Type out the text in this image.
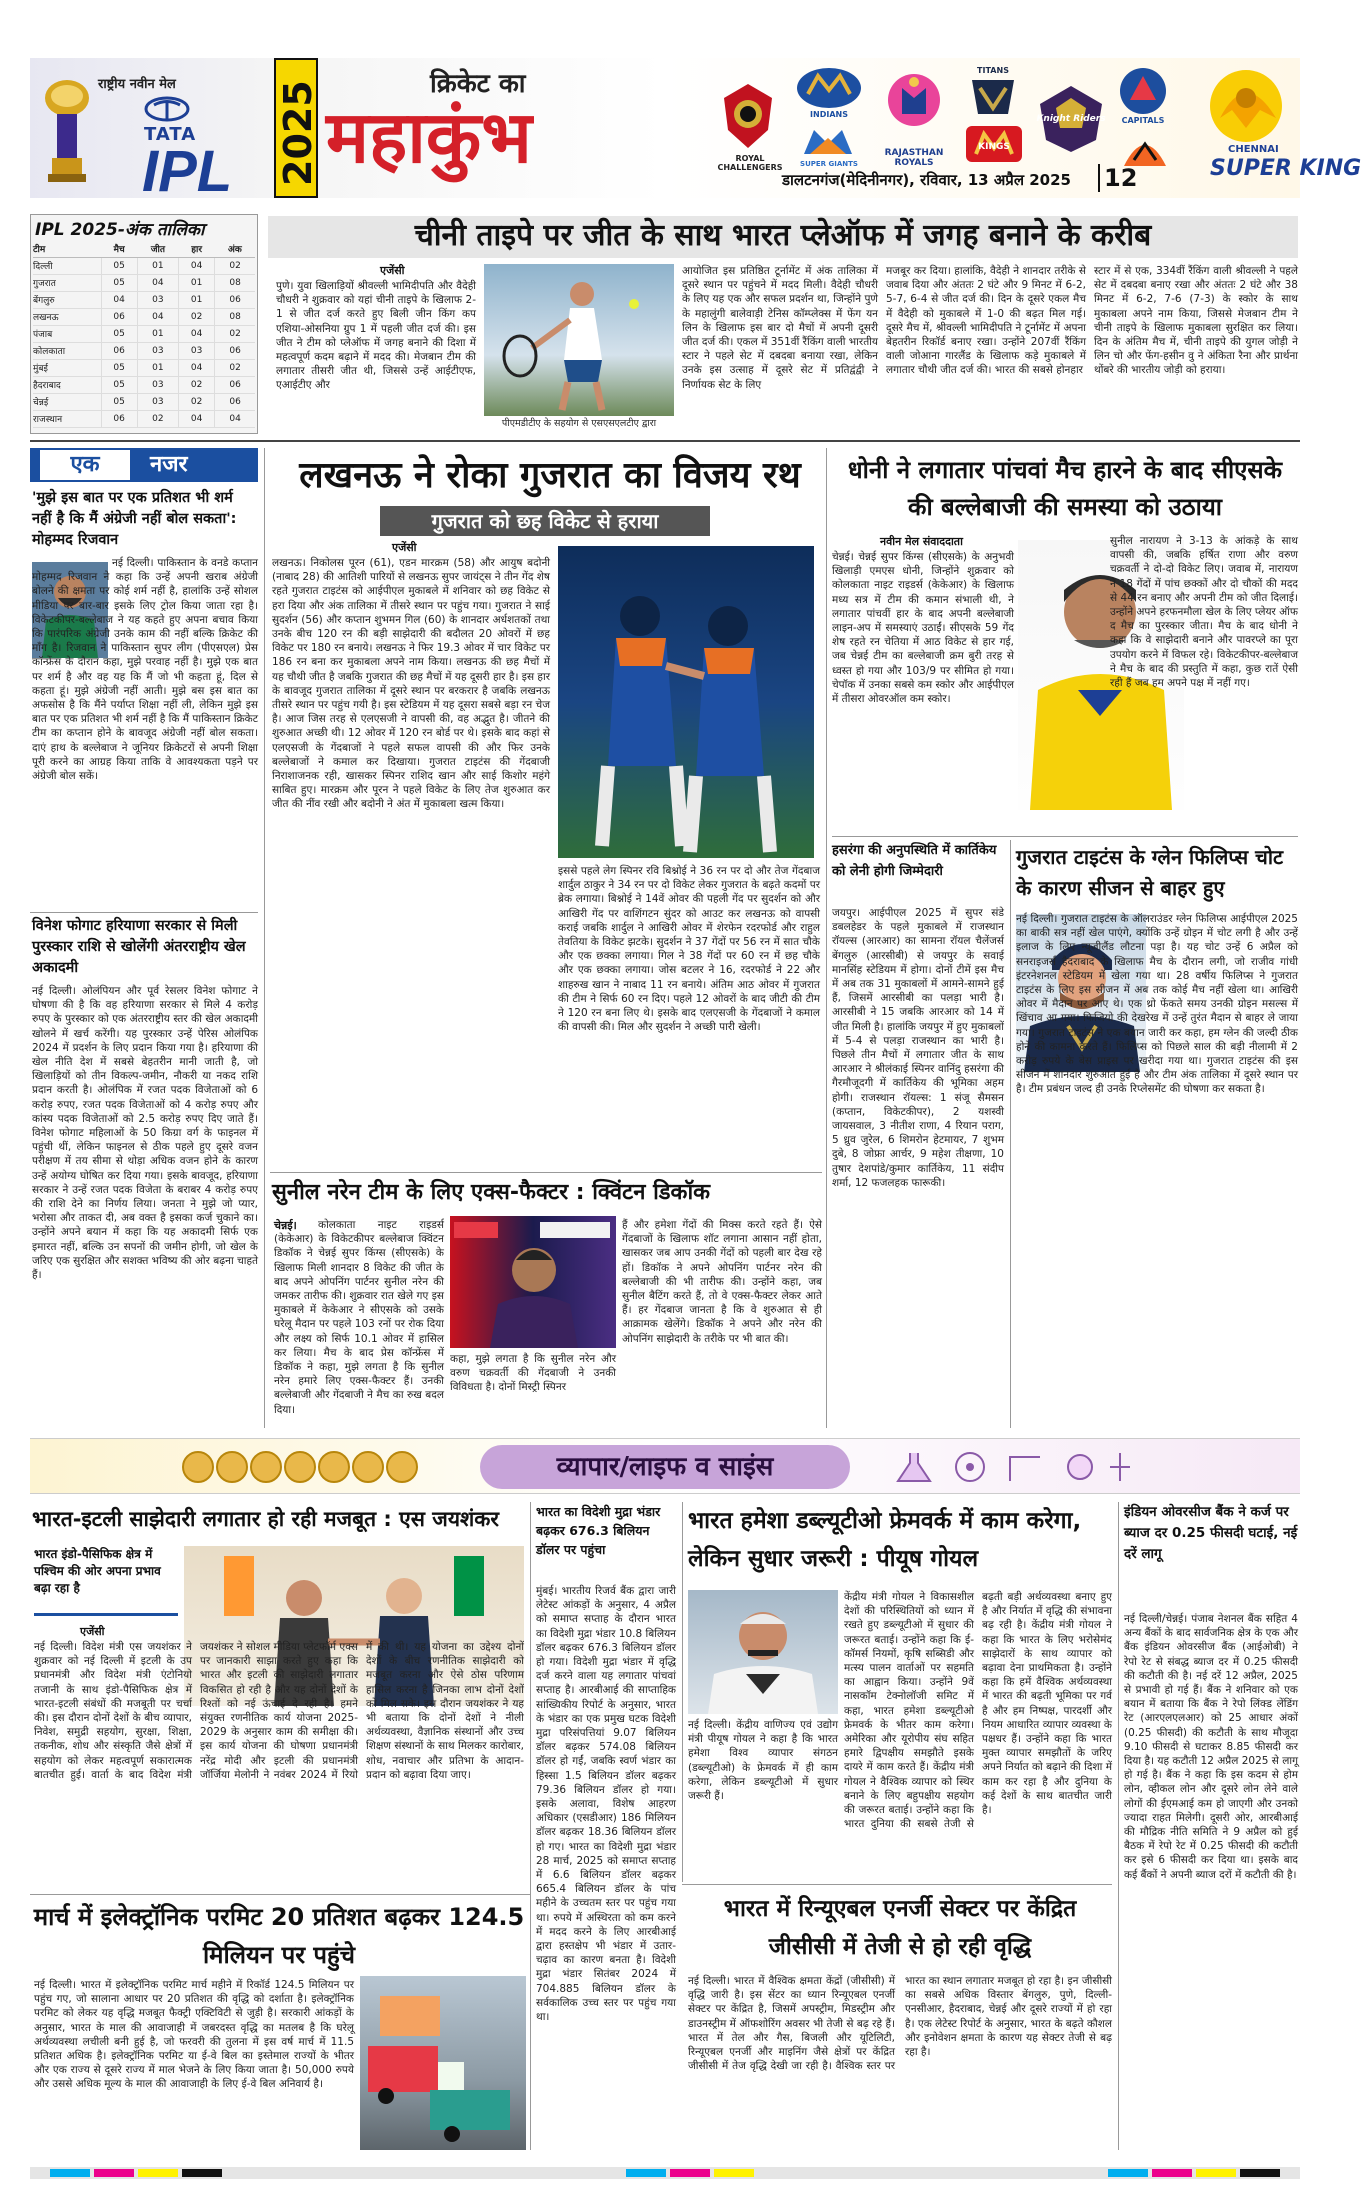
राष्ट्रीय नवीन मेल
TATA
IPL 2025	क्रिकेट का
महाकुंभ	ROYAL CHALLENGERS
INDIANS
SUPER GIANTS
RAJASTHAN ROYALS
TITANS
KINGS
Knight Riders	CAPITALS
डालटनगंज(मेदिनीनगर), रविवार, 13 अप्रैल 2025 12
CHENNAI
SUPER KING
IPL 2025-अंक तालिका
टीम	मैच	जीत	हार	अंक
दिल्ली	05	01	04	02
गुजरात	05	04	01	08
बेंगलुरु	04	03	01	06
लखनऊ	06	04	02	08
पंजाब	05	01	04	02
कोलकाता	06	03	03	06
मुंबई	05	01	04	02
हैदराबाद	05	03	02	06
चेन्नई	05	03	02	06
राजस्थान	06	02	04	04
चीनी ताइपे पर जीत के साथ भारत प्लेऑफ में जगह बनाने के करीब
एजेंसी
पुणे। युवा खिलाड़ियों श्रीवल्ली भामिदीपति और वैदेही चौधरी ने शुक्रवार को यहां चीनी ताइपे के खिलाफ 2-1 से जीत दर्ज करते हुए बिली जीन किंग कप एशिया-ओसनिया ग्रुप 1 में पहली जीत दर्ज की। इस जीत ने टीम को प्लेऑफ में जगह बनाने की दिशा में महत्वपूर्ण कदम बढ़ाने में मदद की। मेजबान टीम की लगातार तीसरी जीत थी, जिससे उन्हें आईटीएफ, एआईटीए और
पीएमडीटीए के सहयोग से एसएसएलटीए द्वारा
आयोजित इस प्रतिष्ठित टूर्नामेंट में अंक तालिका में दूसरे स्थान पर पहुंचने में मदद मिली। वैदेही चौधरी के लिए यह एक और सफल प्रदर्शन था, जिन्होंने पुणे के महालुंगी बालेवाड़ी टेनिस कॉम्प्लेक्स में फेंग यन लिन के खिलाफ इस बार दो मैचों में अपनी दूसरी जीत दर्ज की। एकल में 351वीं रैंकिंग वाली भारतीय स्टार ने पहले सेट में दबदबा बनाया रखा, लेकिन उनके इस उत्साह में दूसरे सेट में प्रतिद्वंद्वी ने निर्णायक सेट के लिए
मजबूर कर दिया। हालांकि, वैदेही ने शानदार तरीके से जवाब दिया और अंततः 2 घंटे और 9 मिनट में 6-2, 5-7, 6-4 से जीत दर्ज की। दिन के दूसरे एकल मैच में वैदेही को मुकाबले में 1-0 की बढ़त मिल गई। दूसरे मैच में, श्रीवल्ली भामिदीपति ने टूर्नामेंट में अपना बेहतरीन रिकॉर्ड बनाए रखा। उन्होंने 207वीं रैंकिंग वाली जोआना गारलैंड के खिलाफ कड़े मुकाबले में लगातार चौथी जीत दर्ज की। भारत की सबसे होनहार
स्टार में से एक, 334वीं रैंकिंग वाली श्रीवल्ली ने पहले सेट में दबदबा बनाए रखा और अंततः 2 घंटे और 38 मिनट में 6-2, 7-6 (7-3) के स्कोर के साथ मुकाबला अपने नाम किया, जिससे मेजबान टीम ने चीनी ताइपे के खिलाफ मुकाबला सुरक्षित कर लिया। दिन के अंतिम मैच में, चीनी ताइपे की युगल जोड़ी ने लिन चो और फेंग-हसीन वु ने अंकिता रैना और प्रार्थना थोंबरे की भारतीय जोड़ी को हराया।
एक	नजर
'मुझे इस बात पर एक प्रतिशत भी शर्म नहीं है कि मैं अंग्रेजी नहीं बोल सकता': मोहम्मद रिजवान
नई दिल्ली। पाकिस्तान के वनडे कप्तान मोहम्मद रिजवान ने कहा कि उन्हें अपनी खराब अंग्रेजी बोलने की क्षमता पर कोई शर्म नहीं है, हालांकि उन्हें सोशल मीडिया पर बार-बार इसके लिए ट्रोल किया जाता रहा है। विकेटकीपर-बल्लेबाज ने यह कहते हुए अपना बचाव किया कि पारंपरिक अंग्रेजी उनके काम की नहीं बल्कि क्रिकेट की माँग है। रिजवान ने पाकिस्तान सुपर लीग (पीएसएल) प्रेस कॉन्फ्रेंस के दौरान कहा, मुझे परवाह नहीं है। मुझे एक बात पर शर्म है और वह यह कि मैं जो भी कहता हूं, दिल से कहता हूं। मुझे अंग्रेजी नहीं आती। मुझे बस इस बात का अफसोस है कि मैंने पर्याप्त शिक्षा नहीं ली, लेकिन मुझे इस बात पर एक प्रतिशत भी शर्म नहीं है कि मैं पाकिस्तान क्रिकेट टीम का कप्तान होने के बावजूद अंग्रेजी नहीं बोल सकता। दाएं हाथ के बल्लेबाज ने जूनियर क्रिकेटरों से अपनी शिक्षा पूरी करने का आग्रह किया ताकि वे आवश्यकता पड़ने पर अंग्रेजी बोल सकें।
विनेश फोगाट हरियाणा सरकार से मिली पुरस्कार राशि से खोलेंगी अंतरराष्ट्रीय खेल अकादमी
नई दिल्ली। ओलंपियन और पूर्व रेसलर विनेश फोगाट ने घोषणा की है कि वह हरियाणा सरकार से मिले 4 करोड़ रुपए के पुरस्कार को एक अंतरराष्ट्रीय स्तर की खेल अकादमी खोलने में खर्च करेंगी। यह पुरस्कार उन्हें पेरिस ओलंपिक 2024 में प्रदर्शन के लिए प्रदान किया गया है। हरियाणा की खेल नीति देश में सबसे बेहतरीन मानी जाती है, जो खिलाड़ियों को तीन विकल्प-जमीन, नौकरी या नकद राशि प्रदान करती है। ओलंपिक में रजत पदक विजेताओं को 6 करोड़ रुपए, रजत पदक विजेताओं को 4 करोड़ रुपए और कांस्य पदक विजेताओं को 2.5 करोड़ रुपए दिए जाते हैं। विनेश फोगाट महिलाओं के 50 किग्रा वर्ग के फाइनल में पहुंची थीं, लेकिन फाइनल से ठीक पहले हुए दूसरे वजन परीक्षण में तय सीमा से थोड़ा अधिक वजन होने के कारण उन्हें अयोग्य घोषित कर दिया गया। इसके बावजूद, हरियाणा सरकार ने उन्हें रजत पदक विजेता के बराबर 4 करोड़ रुपए की राशि देने का निर्णय लिया। जनता ने मुझे जो प्यार, भरोसा और ताकत दी, अब वक्त है इसका कर्ज चुकाने का। उन्होंने अपने बयान में कहा कि यह अकादमी सिर्फ एक इमारत नहीं, बल्कि उन सपनों की जमीन होगी, जो खेल के जरिए एक सुरक्षित और सशक्त भविष्य की ओर बढ़ना चाहते हैं।
लखनऊ ने रोका गुजरात का विजय रथ
गुजरात को छह विकेट से हराया
एजेंसी
लखनऊ। निकोलस पूरन (61), एडन मारक्रम (58) और आयुष बदोनी (नाबाद 28) की आतिशी पारियों से लखनऊ सुपर जायंट्स ने तीन गेंद शेष रहते गुजरात टाइटंस को आईपीएल मुकाबले में शनिवार को छह विकेट से हरा दिया और अंक तालिका में तीसरे स्थान पर पहुंच गया। गुजरात ने साई सुदर्शन (56) और कप्तान शुभमन गिल (60) के शानदार अर्धशतकों तथा उनके बीच 120 रन की बड़ी साझेदारी की बदौलत 20 ओवरों में छह विकेट पर 180 रन बनाये। लखनऊ ने फिर 19.3 ओवर में चार विकेट पर 186 रन बना कर मुकाबला अपने नाम किया। लखनऊ की छह मैचों में यह चौथी जीत है जबकि गुजरात की छह मैचों में यह दूसरी हार है। इस हार के बावजूद गुजरात तालिका में दूसरे स्थान पर बरकरार है जबकि लखनऊ तीसरे स्थान पर पहुंच गयी है। इस स्टेडियम में यह दूसरा सबसे बड़ा रन चेज है। आज जिस तरह से एलएसजी ने वापसी की, वह अद्भुत है। जीतने की शुरुआत अच्छी थी। 12 ओवर में 120 रन बोर्ड पर थे। इसके बाद कहां से एलएसजी के गेंदबाजों ने पहले सफल वापसी की और फिर उनके बल्लेबाजों ने कमाल कर दिखाया। गुजरात टाइटंस की गेंदबाजी निराशाजनक रही, खासकर स्पिनर राशिद खान और साई किशोर महंगे साबित हुए। मारक्रम और पूरन ने पहले विकेट के लिए तेज शुरुआत कर जीत की नींव रखी और बदोनी ने अंत में मुकाबला खत्म किया।
इससे पहले लेग स्पिनर रवि बिश्नोई ने 36 रन पर दो और तेज गेंदबाज शार्दुल ठाकुर ने 34 रन पर दो विकेट लेकर गुजरात के बढ़ते कदमों पर ब्रेक लगाया। बिश्नोई ने 14वें ओवर की पहली गेंद पर सुदर्शन को और आखिरी गेंद पर वाशिंगटन सुंदर को आउट कर लखनऊ को वापसी कराई जबकि शार्दुल ने आखिरी ओवर में शेरफेन रदरफोर्ड और राहुल तेवतिया के विकेट झटके। सुदर्शन ने 37 गेंदों पर 56 रन में सात चौके और एक छक्का लगाया। गिल ने 38 गेंदों पर 60 रन में छह चौके और एक छक्का लगाया। जोस बटलर ने 16, रदरफोर्ड ने 22 और शाहरुख खान ने नाबाद 11 रन बनाये। अंतिम आठ ओवर में गुजरात की टीम ने सिर्फ 60 रन दिए। पहले 12 ओवरों के बाद जीटी की टीम ने 120 रन बना लिए थे। इसके बाद एलएसजी के गेंदबाजों ने कमाल की वापसी की। मिल और सुदर्शन ने अच्छी पारी खेली।
सुनील नरेन टीम के लिए एक्स-फैक्टर : क्विंटन डिकॉक
चेन्नई।	कोलकाता नाइट राइडर्स (केकेआर) के विकेटकीपर बल्लेबाज क्विंटन डिकॉक ने चेन्नई सुपर किंग्स (सीएसके) के खिलाफ मिली शानदार 8 विकेट की जीत के बाद अपने ओपनिंग पार्टनर सुनील नरेन की जमकर तारीफ की। शुक्रवार रात खेले गए इस मुकाबले में केकेआर ने सीएसके को उसके घरेलू मैदान पर पहले 103 रनों पर रोक दिया और लक्ष्य को सिर्फ 10.1 ओवर में हासिल कर लिया। मैच के बाद प्रेस कॉन्फ्रेंस में डिकॉक ने कहा, मुझे लगता है कि सुनील नरेन हमारे लिए एक्स-फैक्टर हैं। उनकी बल्लेबाजी और गेंदबाजी ने मैच का रुख बदल दिया।
कहा, मुझे लगता है कि सुनील नरेन और वरुण चक्रवर्ती की गेंदबाजी ने उनकी विविधता है। दोनों मिस्ट्री स्पिनर
हैं और हमेशा गेंदों की मिक्स करते रहते हैं। ऐसे गेंदबाजों के खिलाफ शॉट लगाना आसान नहीं होता, खासकर जब आप उनकी गेंदों को पहली बार देख रहे हों। डिकॉक ने अपने ओपनिंग पार्टनर नरेन की बल्लेबाजी की भी तारीफ की। उन्होंने कहा, जब सुनील बैटिंग करते हैं, तो वे एक्स-फैक्टर लेकर आते हैं। हर गेंदबाज जानता है कि वे शुरुआत से ही आक्रामक खेलेंगे। डिकॉक ने अपने और नरेन की ओपनिंग साझेदारी के तरीके पर भी बात की।
धोनी ने लगातार पांचवां मैच हारने के बाद सीएसके की बल्लेबाजी की समस्या को उठाया
नवीन मेल संवाददाता
चेन्नई। चेन्नई सुपर किंग्स (सीएसके) के अनुभवी खिलाड़ी एमएस धोनी, जिन्होंने शुक्रवार को कोलकाता नाइट राइडर्स (केकेआर) के खिलाफ मध्य सत्र में टीम की कमान संभाली थी, ने लगातार पांचवीं हार के बाद अपनी बल्लेबाजी लाइन-अप में समस्याएं उठाईं। सीएसके 59 गेंद शेष रहते रन चेतिया में आठ विकेट से हार गई, जब चेन्नई टीम का बल्लेबाजी क्रम बुरी तरह से ध्वस्त हो गया और 103/9 पर सीमित हो गया। चेपॉक में उनका सबसे कम स्कोर और आईपीएल में तीसरा ओवरऑल कम स्कोर।
सुनील नारायण ने 3-13 के आंकड़े के साथ वापसी की, जबकि हर्षित राणा और वरुण चक्रवर्ती ने दो-दो विकेट लिए। जवाब में, नारायण ने 18 गेंदों में पांच छक्कों और दो चौकों की मदद से 44 रन बनाए और अपनी टीम को जीत दिलाई। उन्होंने अपने हरफनमौला खेल के लिए प्लेयर ऑफ द मैच का पुरस्कार जीता। मैच के बाद धोनी ने कहा कि वे साझेदारी बनाने और पावरप्ले का पूरा उपयोग करने में विफल रहे। विकेटकीपर-बल्लेबाज ने मैच के बाद की प्रस्तुति में कहा, कुछ रातें ऐसी रही हैं जब हम अपने पक्ष में नहीं गए।
हसरंगा की अनुपस्थिति में कार्तिकेय को लेनी होगी जिम्मेदारी
जयपुर। आईपीएल 2025 में सुपर संडे डबलहेडर के पहले मुकाबले में राजस्थान रॉयल्स (आरआर) का सामना रॉयल चैलेंजर्स बेंगलुरु (आरसीबी) से जयपुर के सवाई मानसिंह स्टेडियम में होगा। दोनों टीमें इस मैच में अब तक 31 मुकाबलों में आमने-सामने हुई हैं, जिसमें आरसीबी का पलड़ा भारी है। आरसीबी ने 15 जबकि आरआर को 14 में जीत मिली है। हालांकि जयपुर में हुए मुकाबलों में 5-4 से पलड़ा राजस्थान का भारी है। पिछले तीन मैचों में लगातार जीत के साथ आरआर ने श्रीलंकाई स्पिनर वानिंदु हसरंगा की गैरमौजूदगी में कार्तिकेय की भूमिका अहम होगी। राजस्थान रॉयल्स: 1 संजू सैमसन (कप्तान, विकेटकीपर), 2 यशस्वी जायसवाल, 3 नीतीश राणा, 4 रियान पराग, 5 ध्रुव जुरेल, 6 शिमरोन हेटमायर, 7 शुभम दुबे, 8 जोफ्रा आर्चर, 9 महेश तीक्षणा, 10 तुषार देशपांडे/कुमार कार्तिकेय, 11 संदीप शर्मा, 12 फजलहक फारूकी।
गुजरात टाइटंस के ग्लेन फिलिप्स चोट के कारण सीजन से बाहर हुए
नई दिल्ली। गुजरात टाइटंस के ऑलराउंडर ग्लेन फिलिप्स आईपीएल 2025 का बाकी सत्र नहीं खेल पाएंगे, क्योंकि उन्हें ग्रोइन में चोट लगी है और उन्हें इलाज के लिए न्यूजीलैंड लौटना पड़ा है। यह चोट उन्हें 6 अप्रैल को सनराइजर्स हैदराबाद के खिलाफ मैच के दौरान लगी, जो राजीव गांधी इंटरनेशनल स्टेडियम में खेला गया था। 28 वर्षीय फिलिप्स ने गुजरात टाइटंस के लिए इस सीजन में अब तक कोई मैच नहीं खेला था। आखिरी ओवर में मैदान पर आए थे। एक थ्रो फेंकते समय उनकी ग्रोइन मसल्स में खिंचाव आ गया। फिजियो की देखरेख में उन्हें तुरंत मैदान से बाहर ले जाया गया। गुजरात टाइटंस ने एक बयान जारी कर कहा, हम ग्लेन की जल्दी ठीक होने की कामना करते हैं। फिलिप्स को पिछले साल की बड़ी नीलामी में 2 करोड़ रुपये के बेस प्राइस पर खरीदा गया था। गुजरात टाइटंस की इस सीजन में शानदार शुरुआत हुई है और टीम अंक तालिका में दूसरे स्थान पर है। टीम प्रबंधन जल्द ही उनके रिप्लेसमेंट की घोषणा कर सकता है।
व्यापार/लाइफ व साइंस
भारत-इटली साझेदारी लगातार हो रही मजबूत : एस जयशंकर
भारत इंडो-पैसिफिक क्षेत्र में पश्चिम की ओर अपना प्रभाव बढ़ा रहा है
एजेंसी
नई दिल्ली। विदेश मंत्री एस जयशंकर ने शुक्रवार को नई दिल्ली में इटली के उप प्रधानमंत्री और विदेश मंत्री एंटोनियो तजानी के साथ इंडो-पैसिफिक क्षेत्र में भारत-इटली संबंधों की मजबूती पर चर्चा की। इस दौरान दोनों देशों के बीच व्यापार, निवेश, समुद्री सहयोग, सुरक्षा, शिक्षा, तकनीक, शोध और संस्कृति जैसे क्षेत्रों में सहयोग को लेकर महत्वपूर्ण सकारात्मक बातचीत हुई। वार्ता के बाद विदेश मंत्री जयशंकर ने सोशल मीडिया प्लेटफॉर्म एक्स पर जानकारी साझा करते हुए कहा कि भारत और इटली की साझेदारी लगातार विकसित हो रही है और यह दोनों देशों के रिश्तों को नई ऊंचाई दे रही है। हमने संयुक्त रणनीतिक कार्य योजना 2025-2029 के अनुसार काम की समीक्षा की। इस कार्य योजना की घोषणा प्रधानमंत्री नरेंद्र मोदी और इटली की प्रधानमंत्री जॉर्जिया मेलोनी ने नवंबर 2024 में रियो में की थी। यह योजना का उद्देश्य दोनों देशों के बीच रणनीतिक साझेदारी को मजबूत करना और ऐसे ठोस परिणाम हासिल करना है जिनका लाभ दोनों देशों को मिल सके। इस दौरान जयशंकर ने यह भी बताया कि दोनों देशों ने नीली अर्थव्यवस्था, वैज्ञानिक संस्थानों और उच्च शिक्षण संस्थानों के साथ मिलकर कारोबार, शोध, नवाचार और प्रतिभा के आदान-प्रदान को बढ़ावा दिया जाए।
मार्च में इलेक्ट्रॉनिक परमिट 20 प्रतिशत बढ़कर 124.5 मिलियन पर पहुंचे
नई दिल्ली। भारत में इलेक्ट्रॉनिक परमिट मार्च महीने में रिकॉर्ड 124.5 मिलियन पर पहुंच गए, जो सालाना आधार पर 20 प्रतिशत की वृद्धि को दर्शाता है। इलेक्ट्रॉनिक परमिट को लेकर यह वृद्धि मजबूत फैक्ट्री एक्टिविटी से जुड़ी है। सरकारी आंकड़ों के अनुसार, भारत के माल की आवाजाही में जबरदस्त वृद्धि का मतलब है कि घरेलू अर्थव्यवस्था लचीली बनी हुई है, जो फरवरी की तुलना में इस वर्ष मार्च में 11.5 प्रतिशत अधिक है। इलेक्ट्रॉनिक परमिट या ई-वे बिल का इस्तेमाल राज्यों के भीतर और एक राज्य से दूसरे राज्य में माल भेजने के लिए किया जाता है। 50,000 रुपये और उससे अधिक मूल्य के माल की आवाजाही के लिए ई-वे बिल अनिवार्य है।
भारत का विदेशी मुद्रा भंडार बढ़कर 676.3 बिलियन डॉलर पर पहुंचा
मुंबई। भारतीय रिजर्व बैंक द्वारा जारी लेटेस्ट आंकड़ों के अनुसार, 4 अप्रैल को समाप्त सप्ताह के दौरान भारत का विदेशी मुद्रा भंडार 10.8 बिलियन डॉलर बढ़कर 676.3 बिलियन डॉलर हो गया। विदेशी मुद्रा भंडार में वृद्धि दर्ज करने वाला यह लगातार पांचवां सप्ताह है। आरबीआई की साप्ताहिक सांख्यिकीय रिपोर्ट के अनुसार, भारत के भंडार का एक प्रमुख घटक विदेशी मुद्रा परिसंपत्तियां 9.07 बिलियन डॉलर बढ़कर 574.08 बिलियन डॉलर हो गईं, जबकि स्वर्ण भंडार का हिस्सा 1.5 बिलियन डॉलर बढ़कर 79.36 बिलियन डॉलर हो गया। इसके अलावा, विशेष आहरण अधिकार (एसडीआर) 186 मिलियन डॉलर बढ़कर 18.36 बिलियन डॉलर हो गए। भारत का विदेशी मुद्रा भंडार 28 मार्च, 2025 को समाप्त सप्ताह में 6.6 बिलियन डॉलर बढ़कर 665.4 बिलियन डॉलर के पांच महीने के उच्चतम स्तर पर पहुंच गया था। रुपये में अस्थिरता को कम करने में मदद करने के लिए आरबीआई द्वारा हस्तक्षेप भी भंडार में उतार-चढ़ाव का कारण बनता है। विदेशी मुद्रा भंडार सितंबर 2024 में 704.885 बिलियन डॉलर के सर्वकालिक उच्च स्तर पर पहुंच गया था।
भारत हमेशा डब्ल्यूटीओ फ्रेमवर्क में काम करेगा, लेकिन सुधार जरूरी : पीयूष गोयल
नई दिल्ली। केंद्रीय वाणिज्य एवं उद्योग मंत्री पीयूष गोयल ने कहा है कि भारत हमेशा विश्व व्यापार संगठन (डब्ल्यूटीओ) के फ्रेमवर्क में ही काम करेगा, लेकिन डब्ल्यूटीओ में सुधार जरूरी हैं।
केंद्रीय मंत्री गोयल ने विकासशील देशों की परिस्थितियों को ध्यान में रखते हुए डब्ल्यूटीओ में सुधार की जरूरत बताई। उन्होंने कहा कि ई-कॉमर्स नियमों, कृषि सब्सिडी और मत्स्य पालन वार्ताओं पर सहमति का आह्वान किया। उन्होंने 9वें नासकॉम टेक्नोलॉजी समिट में कहा, भारत हमेशा डब्ल्यूटीओ फ्रेमवर्क के भीतर काम करेगा। अमेरिका और यूरोपीय संघ सहित हमारे द्विपक्षीय समझौते इसके दायरे में काम करते हैं। केंद्रीय मंत्री गोयल ने वैश्विक व्यापार को स्थिर बनाने के लिए बहुपक्षीय सहयोग की जरूरत बताई। उन्होंने कहा कि भारत दुनिया की सबसे तेजी से बढ़ती बड़ी अर्थव्यवस्था बनाए हुए है और निर्यात में वृद्धि की संभावना बढ़ रही है। केंद्रीय मंत्री गोयल ने कहा कि भारत के लिए भरोसेमंद साझेदारों के साथ व्यापार को बढ़ावा देना प्राथमिकता है। उन्होंने कहा कि हमें वैश्विक अर्थव्यवस्था में भारत की बढ़ती भूमिका पर गर्व है और हम निष्पक्ष, पारदर्शी और नियम आधारित व्यापार व्यवस्था के पक्षधर हैं। उन्होंने कहा कि भारत मुक्त व्यापार समझौतों के जरिए अपने निर्यात को बढ़ाने की दिशा में काम कर रहा है और दुनिया के कई देशों के साथ बातचीत जारी है।
भारत में रिन्यूएबल एनर्जी सेक्टर पर केंद्रित जीसीसी में तेजी से हो रही वृद्धि
नई दिल्ली। भारत में वैश्विक क्षमता केंद्रों (जीसीसी) में वृद्धि जारी है। इस सेंटर का ध्यान रिन्यूएबल एनर्जी सेक्टर पर केंद्रित है, जिसमें अपस्ट्रीम, मिडस्ट्रीम और डाउनस्ट्रीम में ऑफशोरिंग अवसर भी तेजी से बढ़ रहे हैं। भारत में तेल और गैस, बिजली और यूटिलिटी, रिन्यूएबल एनर्जी और माइनिंग जैसे क्षेत्रों पर केंद्रित जीसीसी में तेज वृद्धि देखी जा रही है। वैश्विक स्तर पर भारत का स्थान लगातार मजबूत हो रहा है। इन जीसीसी का सबसे अधिक विस्तार बेंगलुरु, पुणे, दिल्ली-एनसीआर, हैदराबाद, चेन्नई और दूसरे राज्यों में हो रहा है। एक लेटेस्ट रिपोर्ट के अनुसार, भारत के बढ़ते कौशल और इनोवेशन क्षमता के कारण यह सेक्टर तेजी से बढ़ रहा है।
इंडियन ओवरसीज बैंक ने कर्ज पर ब्याज दर 0.25 फीसदी घटाई, नई दरें लागू
नई दिल्ली/चेन्नई। पंजाब नेशनल बैंक सहित 4 अन्य बैंकों के बाद सार्वजनिक क्षेत्र के एक और बैंक इंडियन ओवरसीज बैंक (आईओबी) ने रेपो रेट से संबद्ध ब्याज दर में 0.25 फीसदी की कटौती की है। नई दरें 12 अप्रैल, 2025 से प्रभावी हो गई हैं। बैंक ने शनिवार को एक बयान में बताया कि बैंक ने रेपो लिंक्ड लेंडिंग रेट (आरएलएलआर) को 25 आधार अंकों (0.25 फीसदी) की कटौती के साथ मौजूदा 9.10 फीसदी से घटाकर 8.85 फीसदी कर दिया है। यह कटौती 12 अप्रैल 2025 से लागू हो गई है। बैंक ने कहा कि इस कदम से होम लोन, व्हीकल लोन और दूसरे लोन लेने वाले लोगों की ईएमआई कम हो जाएगी और उनको ज्यादा राहत मिलेगी। दूसरी ओर, आरबीआई की मौद्रिक नीति समिति ने 9 अप्रैल को हुई बैठक में रेपो रेट में 0.25 फीसदी की कटौती कर इसे 6 फीसदी कर दिया था। इसके बाद कई बैंकों ने अपनी ब्याज दरों में कटौती की है।
